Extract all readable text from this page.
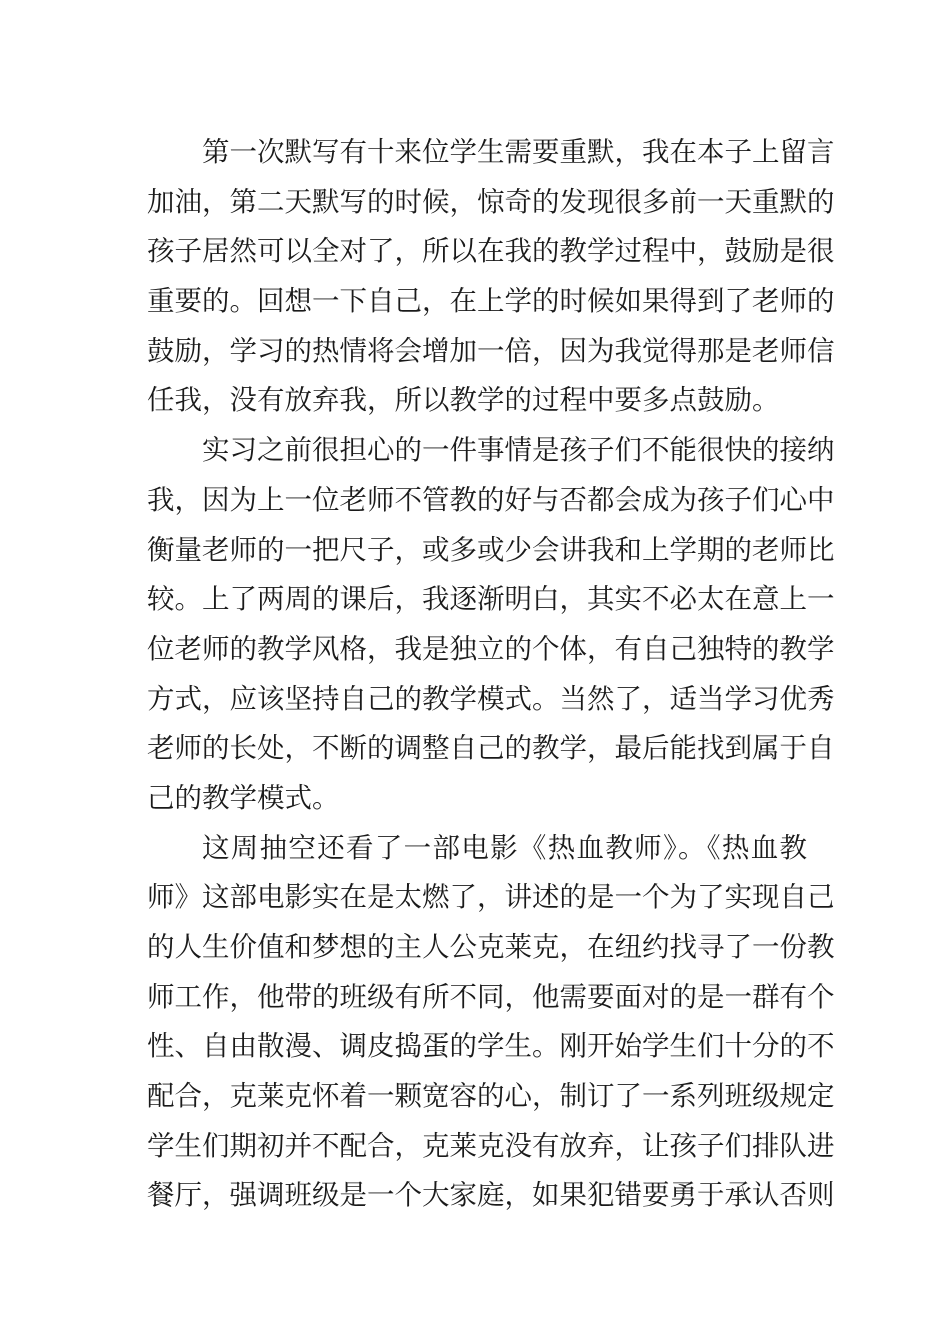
第一次默写有十来位学生需要重默，我在本子上留言
加油，第二天默写的时候，惊奇的发现很多前一天重默的
孩子居然可以全对了，所以在我的教学过程中，鼓励是很
重要的。回想一下自己，在上学的时候如果得到了老师的
鼓励，学习的热情将会增加一倍，因为我觉得那是老师信
任我，没有放弃我，所以教学的过程中要多点鼓励。
实习之前很担心的一件事情是孩子们不能很快的接纳
我，因为上一位老师不管教的好与否都会成为孩子们心中
衡量老师的一把尺子，或多或少会讲我和上学期的老师比
较。上了两周的课后，我逐渐明白，其实不必太在意上一
位老师的教学风格，我是独立的个体，有自己独特的教学
方式，应该坚持自己的教学模式。当然了，适当学习优秀
老师的长处，不断的调整自己的教学，最后能找到属于自
己的教学模式。
这周抽空还看了一部电影《热血教师》。《热血教
师》这部电影实在是太燃了，讲述的是一个为了实现自己
的人生价值和梦想的主人公克莱克，在纽约找寻了一份教
师工作，他带的班级有所不同，他需要面对的是一群有个
性、自由散漫、调皮捣蛋的学生。刚开始学生们十分的不
配合，克莱克怀着一颗宽容的心，制订了一系列班级规定
学生们期初并不配合，克莱克没有放弃，让孩子们排队进
餐厅，强调班级是一个大家庭，如果犯错要勇于承认否则
